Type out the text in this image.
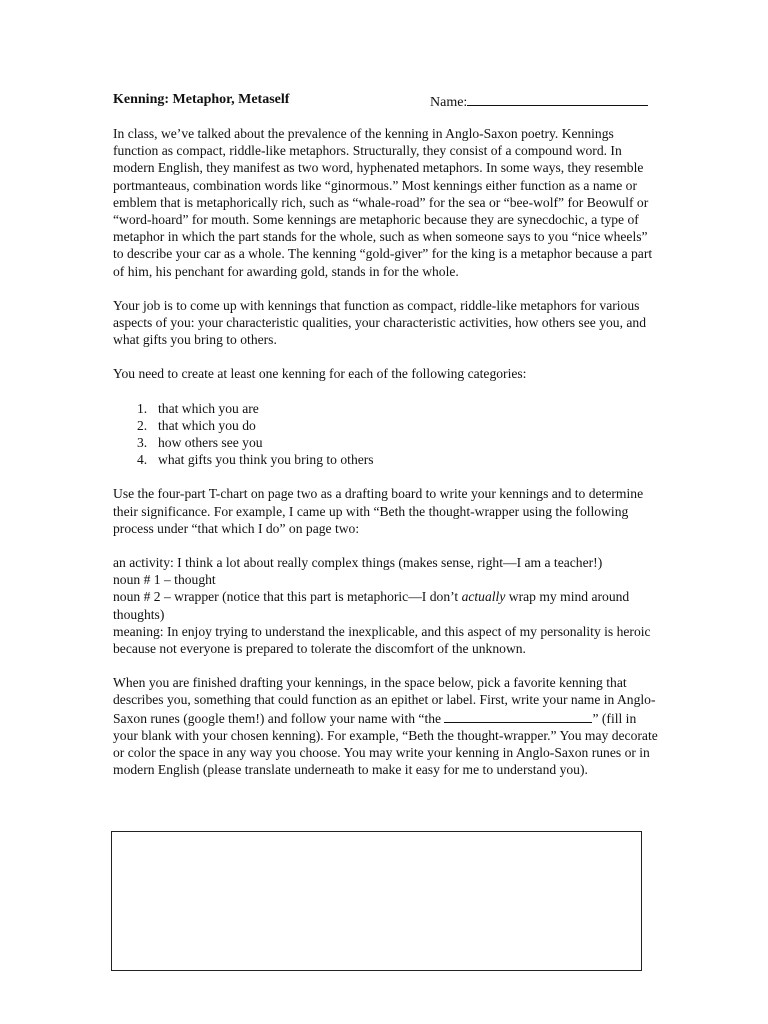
Kenning: Metaphor, Metaself	Name:

In class, we’ve talked about the prevalence of the kenning in Anglo-Saxon poetry. Kennings function as compact, riddle-like metaphors. Structurally, they consist of a compound word. In modern English, they manifest as two word, hyphenated metaphors. In some ways, they resemble portmanteaus, combination words like “ginormous.” Most kennings either function as a name or emblem that is metaphorically rich, such as “whale-road” for the sea or “bee-wolf” for Beowulf or “word-hoard” for mouth. Some kennings are metaphoric because they are synecdochic, a type of metaphor in which the part stands for the whole, such as when someone says to you “nice wheels” to describe your car as a whole. The kenning “gold-giver” for the king is a metaphor because a part of him, his penchant for awarding gold, stands in for the whole.

Your job is to come up with kennings that function as compact, riddle-like metaphors for various aspects of you: your characteristic qualities, your characteristic activities, how others see you, and what gifts you bring to others.

You need to create at least one kenning for each of the following categories:

1. that which you are
2. that which you do
3. how others see you
4. what gifts you think you bring to others

Use the four-part T-chart on page two as a drafting board to write your kennings and to determine their significance. For example, I came up with “Beth the thought-wrapper using the following process under “that which I do” on page two:

an activity: I think a lot about really complex things (makes sense, right—I am a teacher!)

noun # 1 – thought

noun # 2 – wrapper (notice that this part is metaphoric—I don’t actually wrap my mind around thoughts)

meaning: In enjoy trying to understand the inexplicable, and this aspect of my personality is heroic because not everyone is prepared to tolerate the discomfort of the unknown.

When you are finished drafting your kennings, in the space below, pick a favorite kenning that describes you, something that could function as an epithet or label. First, write your name in Anglo-Saxon runes (google them!) and follow your name with “the	” (fill in your blank with your chosen kenning). For example, “Beth the thought-wrapper.” You may decorate or color the space in any way you choose. You may write your kenning in Anglo-Saxon runes or in modern English (please translate underneath to make it easy for me to understand you).
